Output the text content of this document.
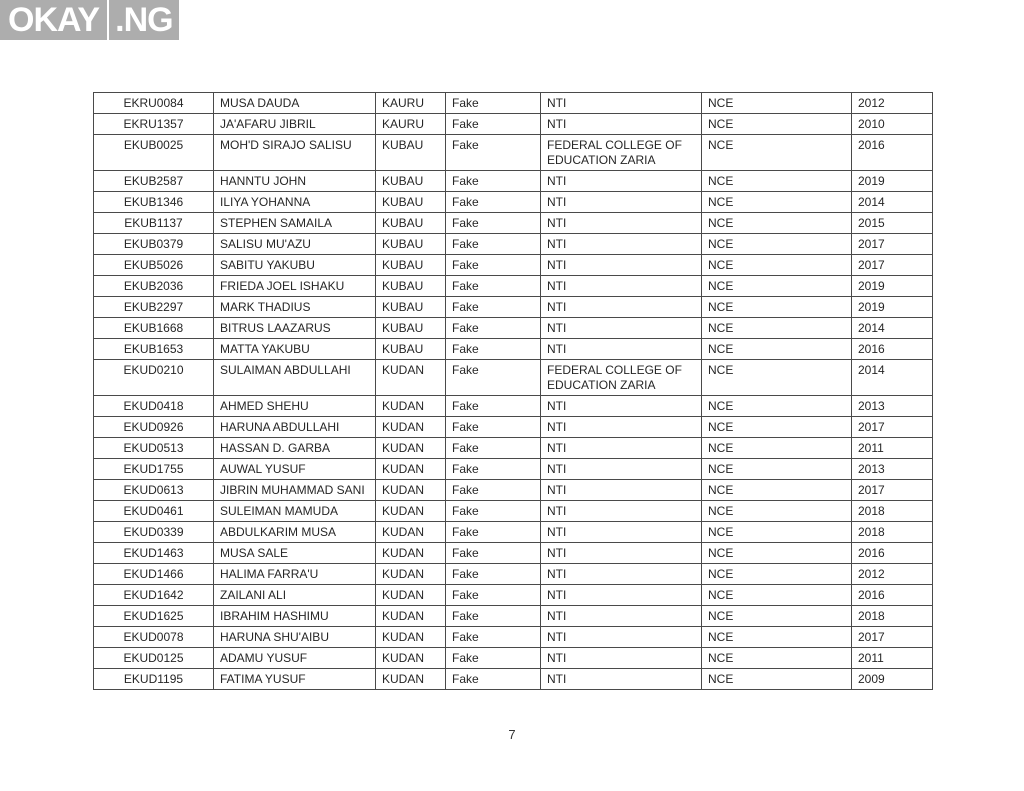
OKAY .NG
EKRU0084	MUSA DAUDA	KAURU	Fake	NTI	NCE	2012
EKRU1357	JA'AFARU JIBRIL	KAURU	Fake	NTI	NCE	2010
EKUB0025	MOH'D SIRAJO SALISU	KUBAU	Fake	FEDERAL COLLEGE OF EDUCATION ZARIA	NCE	2016
EKUB2587	HANNTU JOHN	KUBAU	Fake	NTI	NCE	2019
EKUB1346	ILIYA YOHANNA	KUBAU	Fake	NTI	NCE	2014
EKUB1137	STEPHEN SAMAILA	KUBAU	Fake	NTI	NCE	2015
EKUB0379	SALISU MU'AZU	KUBAU	Fake	NTI	NCE	2017
EKUB5026	SABITU YAKUBU	KUBAU	Fake	NTI	NCE	2017
EKUB2036	FRIEDA JOEL ISHAKU	KUBAU	Fake	NTI	NCE	2019
EKUB2297	MARK THADIUS	KUBAU	Fake	NTI	NCE	2019
EKUB1668	BITRUS LAAZARUS	KUBAU	Fake	NTI	NCE	2014
EKUB1653	MATTA YAKUBU	KUBAU	Fake	NTI	NCE	2016
EKUD0210	SULAIMAN ABDULLAHI	KUDAN	Fake	FEDERAL COLLEGE OF EDUCATION ZARIA	NCE	2014
EKUD0418	AHMED SHEHU	KUDAN	Fake	NTI	NCE	2013
EKUD0926	HARUNA ABDULLAHI	KUDAN	Fake	NTI	NCE	2017
EKUD0513	HASSAN D. GARBA	KUDAN	Fake	NTI	NCE	2011
EKUD1755	AUWAL YUSUF	KUDAN	Fake	NTI	NCE	2013
EKUD0613	JIBRIN MUHAMMAD SANI	KUDAN	Fake	NTI	NCE	2017
EKUD0461	SULEIMAN MAMUDA	KUDAN	Fake	NTI	NCE	2018
EKUD0339	ABDULKARIM MUSA	KUDAN	Fake	NTI	NCE	2018
EKUD1463	MUSA SALE	KUDAN	Fake	NTI	NCE	2016
EKUD1466	HALIMA FARRA'U	KUDAN	Fake	NTI	NCE	2012
EKUD1642	ZAILANI ALI	KUDAN	Fake	NTI	NCE	2016
EKUD1625	IBRAHIM HASHIMU	KUDAN	Fake	NTI	NCE	2018
EKUD0078	HARUNA SHU'AIBU	KUDAN	Fake	NTI	NCE	2017
EKUD0125	ADAMU YUSUF	KUDAN	Fake	NTI	NCE	2011
EKUD1195	FATIMA YUSUF	KUDAN	Fake	NTI	NCE	2009
7
